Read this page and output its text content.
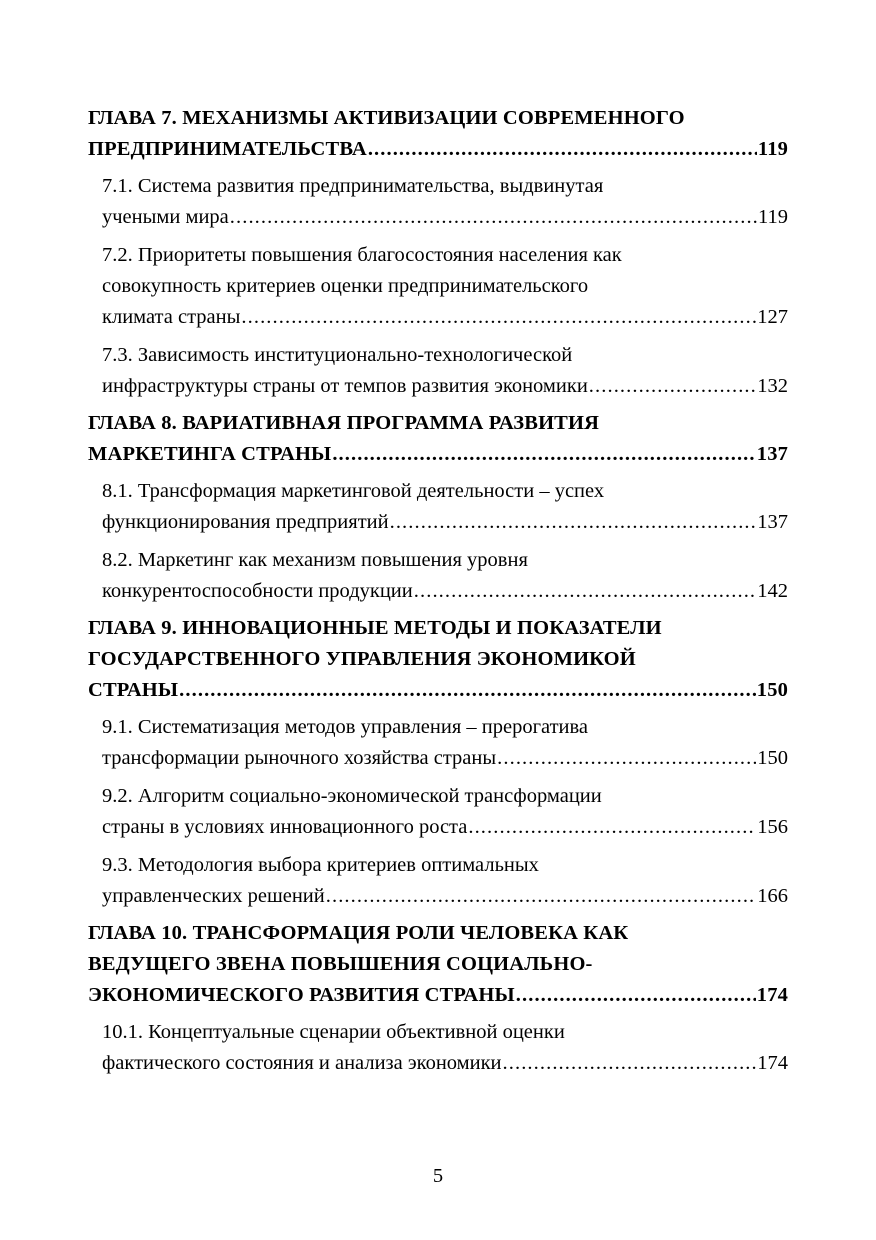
ГЛАВА 7. МЕХАНИЗМЫ АКТИВИЗАЦИИ СОВРЕМЕННОГО
ПРЕДПРИНИМАТЕЛЬСТВА .....	119
7.1. Система развития предпринимательства, выдвинутая
учеными мира .....	119
7.2. Приоритеты повышения благосостояния населения как
совокупность критериев оценки предпринимательского
климата страны .....	127
7.3. Зависимость институционально-технологической
инфраструктуры страны от темпов развития экономики .....	132
ГЛАВА 8. ВАРИАТИВНАЯ ПРОГРАММА РАЗВИТИЯ
МАРКЕТИНГА СТРАНЫ .....	137
8.1. Трансформация маркетинговой деятельности – успех
функционирования предприятий .....	137
8.2. Маркетинг как механизм повышения уровня
конкурентоспособности продукции .....	142
ГЛАВА 9. ИННОВАЦИОННЫЕ МЕТОДЫ И ПОКАЗАТЕЛИ
ГОСУДАРСТВЕННОГО УПРАВЛЕНИЯ ЭКОНОМИКОЙ
СТРАНЫ .....	150
9.1. Систематизация методов управления – прерогатива
трансформации рыночного хозяйства страны .....	150
9.2. Алгоритм социально-экономической трансформации
страны в условиях инновационного роста .....	156
9.3. Методология выбора критериев оптимальных
управленческих решений .....	166
ГЛАВА 10. ТРАНСФОРМАЦИЯ РОЛИ ЧЕЛОВЕКА КАК
ВЕДУЩЕГО ЗВЕНА ПОВЫШЕНИЯ СОЦИАЛЬНО-
ЭКОНОМИЧЕСКОГО РАЗВИТИЯ СТРАНЫ .....	174
10.1. Концептуальные сценарии объективной оценки
фактического состояния и анализа экономики .....	174
5
